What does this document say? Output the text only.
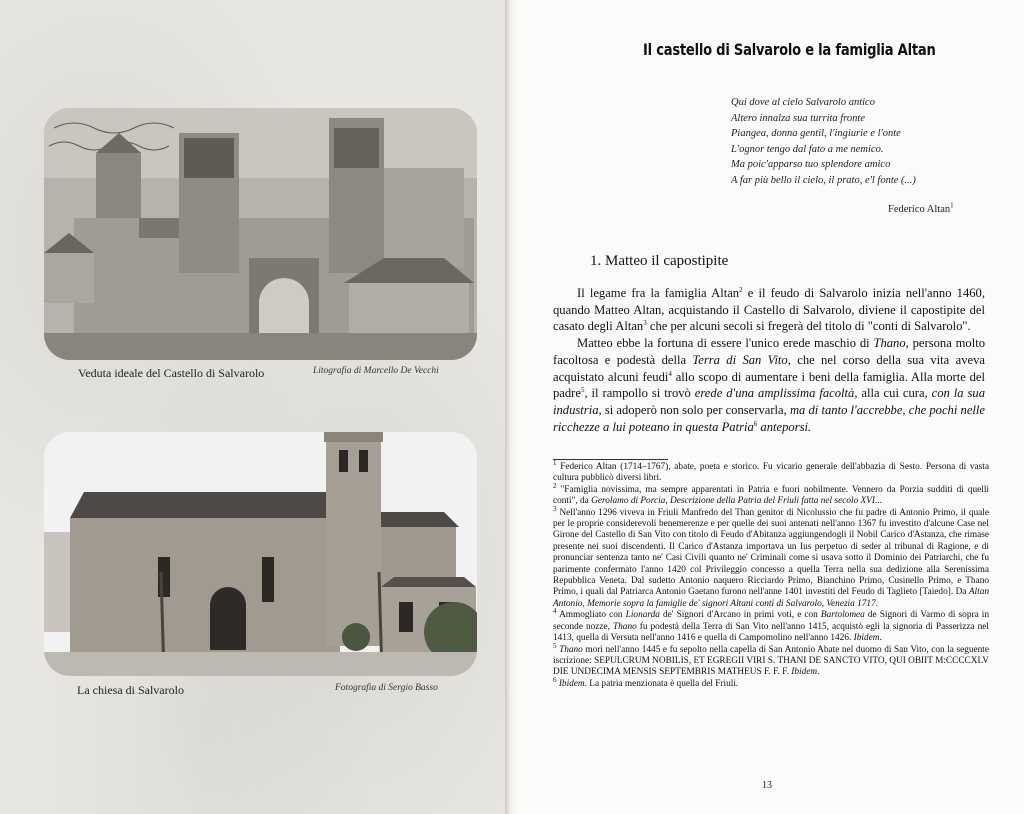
Veduta ideale del Castello di Salvarolo	Litografia di Marcello De Vecchi
La chiesa di Salvarolo	Fotografia di Sergio Basso
Il castello di Salvarolo e la famiglia Altan
Qui dove al cielo Salvarolo antico
Altero innalza sua turrita fronte
Piangea, donna gentil, l'ingiurie e l'onte
L'ognor tengo dal fato a me nemico.
Ma poic'apparso tuo splendore amico
A far più bello il cielo, il prato, e'l fonte (...)
Federico Altan$^1$
1. Matteo il capostipite

Il legame fra la famiglia Altan$^2$ e il feudo di Salvarolo inizia nell'anno 1460, quando Matteo Altan, acquistando il Castello di Salvarolo, diviene il capostipite del casato degli Altan$^3$ che per alcuni secoli si fregerà del titolo di "conti di Salvarolo".

Matteo ebbe la fortuna di essere l'unico erede maschio di Thano, persona molto facoltosa e podestà della Terra di San Vito, che nel corso della sua vita aveva acquistato alcuni feudi$^4$ allo scopo di aumentare i beni della famiglia. Alla morte del padre$^5$, il rampollo si trovò erede d'una amplissima facoltà, alla cui cura, con la sua industria, si adoperò non solo per conservarla, ma di tanto l'accrebbe, che pochi nelle ricchezze a lui poteano in questa Patria$^6$ anteporsi.

$^1$ Federico Altan (1714–1767), abate, poeta e storico. Fu vicario generale dell'abbazia di Sesto. Persona di vasta cultura pubblicò diversi libri.

$^2$ "Famiglia novissima, ma sempre apparentati in Patria e fuori nobilmente. Vennero da Porzia sudditi di quelli conti", da Gerolamo di Porcia, Descrizione della Patria del Friuli fatta nel secolo XVI...

$^3$ Nell'anno 1296 viveva in Friuli Manfredo del Than genitor di Nicolussio che fu padre di Antonio Primo, il quale per le proprie considerevoli benemerenze e per quelle dei suoi antenati nell'anno 1367 fu investito d'alcune Case nel Girone del Castello di San Vito con titolo di Feudo d'Abitanza aggiungendogli il Nobil Carico d'Astanza, che rimase presente nei suoi discendenti. Il Carico d'Astanza importava un Ius perpetuo di seder al tribunal di Ragione, e di pronunciar sentenza tanto ne' Casi Civili quanto ne' Criminali come si usava sotto il Dominio dei Patriarchi, che fu parimente confermato l'anno 1420 col Privileggio concesso a quella Terra nella sua dedizione alla Serenissima Repubblica Veneta. Dal sudetto Antonio naquero Ricciardo Primo, Bianchino Primo, Cusinello Primo, e Thano Primo, i quali dal Patriarca Antonio Gaetano furono nell'anne 1401 investiti del Feudo di Taglieto [Taiedo]. Da Altan Antonio, Memorie sopra la famiglie de' signori Altani conti di Salvarolo, Venezia 1717.

$^4$ Ammogliato con Lionarda de' Signori d'Arcano in primi voti, e con Bartolomea de Signori di Varmo di sopra in seconde nozze, Thano fu podestà della Terra di San Vito nell'anno 1415, acquistò egli la signoria di Passerizza nel 1413, quella di Versuta nell'anno 1416 e quella di Campomolino nell'anno 1426. Ibidem.

$^5$ Thano morì nell'anno 1445 e fu sepolto nella capella di San Antonio Abate nel duomo di San Vito, con la seguente iscrizione: SEPULCRUM NOBILIS, ET EGREGII VIRI S. THANI DE SANCTO VITO, QUI OBIIT M:CCCCXLV DIE UNDECIMA MENSIS SEPTEMBRIS MATHEUS F. F. F. Ibidem.

$^6$ Ibidem. La patria menzionata è quella del Friuli.

13
